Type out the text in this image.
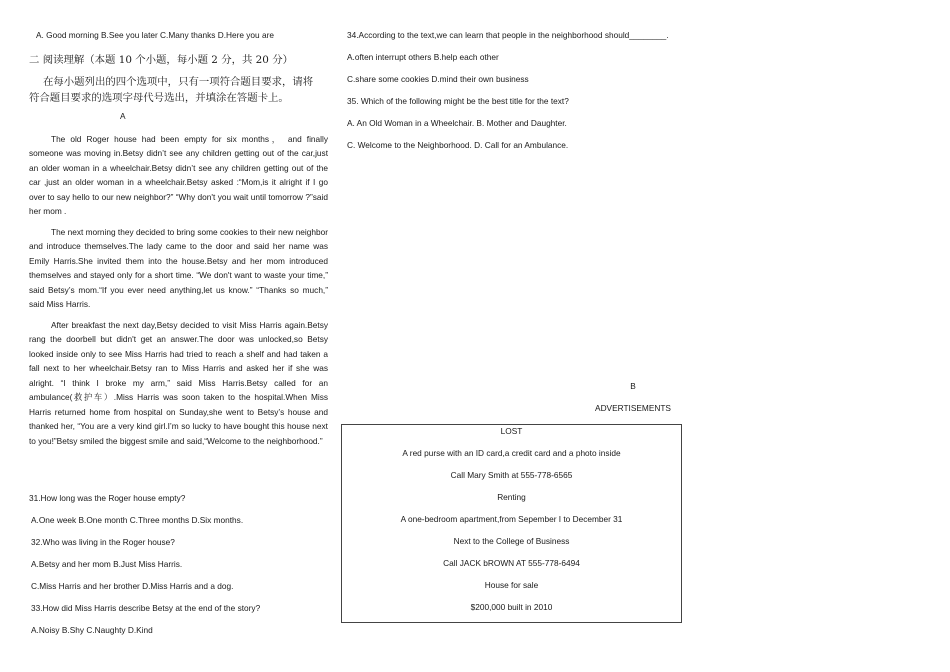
A. Good morning B.See you later C.Many thanks D.Here you are
二 阅读理解（本题 10 个小题，每小题 2 分，共 20 分）
在每小题列出的四个选项中，只有一项符合题目要求，请将
符合题目要求的选项字母代号选出，并填涂在答题卡上。
A
The old Roger house had been empty for six months， and finally someone was moving in.Betsy didn’t see any children getting out of the car,just an older woman in a wheelchair.Betsy didn’t see any children getting out of the car ,just an older woman in a wheelchair.Betsy asked :“Mom,is it alright if I go over to say hello to our new neighbor?” “Why don't you wait until tomorrow ?”said her mom .
The next morning they decided to bring some cookies to their new neighbor and introduce themselves.The lady came to the door and said her name was Emily Harris.She invited them into the house.Betsy and her mom introduced themselves and stayed only for a short time. “We don't want to waste your time,” said Betsy’s mom.“If you ever need anything,let us know.” “Thanks so much,” said Miss Harris.
After breakfast the next day,Betsy decided to visit Miss Harris again.Betsy rang the doorbell but didn't get an answer.The door was unlocked,so Betsy looked inside only to see Miss Harris had tried to reach a shelf and had taken a fall next to her wheelchair.Betsy ran to Miss Harris and asked her if she was alright. “I think I broke my arm,” said Miss Harris.Betsy called for an ambulance(救护车）.Miss Harris was soon taken to the hospital.When Miss Harris returned home from hospital on Sunday,she went to Betsy’s house and thanked her, “You are a very kind girl.I’m so lucky to have bought this house next to you!”Betsy smiled the biggest smile and said,“Welcome to the neighborhood.”
31.How long was the Roger house empty?
A.One week B.One month C.Three months D.Six months.
32.Who was living in the Roger house?
A.Betsy and her mom B.Just Miss Harris.
C.Miss Harris and her brother D.Miss Harris and a dog.
33.How did Miss Harris describe Betsy at the end of the story?
A.Noisy B.Shy C.Naughty D.Kind
34.According to the text,we can learn that people in the neighborhood should________.
A.often interrupt others B.help each other
C.share some cookies D.mind their own business
35. Which of the following might be the best title for the text?
A. An Old Woman in a Wheelchair. B. Mother and Daughter.
C. Welcome to the Neighborhood. D. Call for an Ambulance.
B
ADVERTISEMENTS
LOST
A red purse with an ID card,a credit card and a photo inside
Call Mary Smith at 555-778-6565
Renting
A one-bedroom apartment,from Sepember I to December 31
Next to the College of Business
Call JACK bROWN AT 555-778-6494
House for sale
$200,000 built in 2010
